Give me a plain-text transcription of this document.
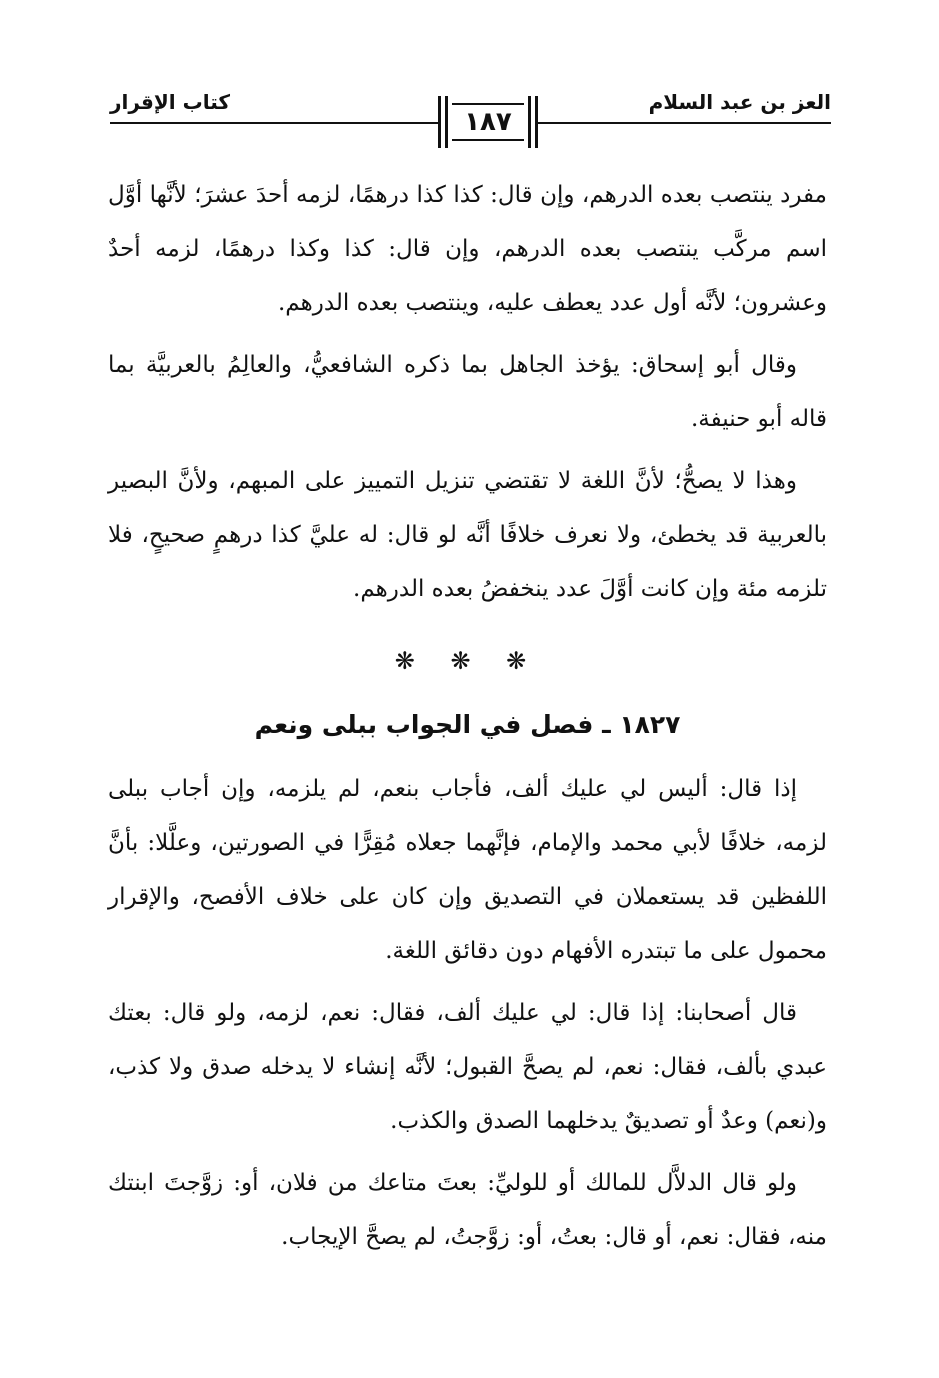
العز بن عبد السلام
كتاب الإقرار
١٨٧

مفرد ينتصب بعده الدرهم، وإن قال: كذا كذا درهمًا، لزمه أحدَ عشرَ؛ لأنَّها أوَّل اسم مركَّب ينتصب بعده الدرهم، وإن قال: كذا وكذا درهمًا، لزمه أحدٌ وعشرون؛ لأنَّه أول عدد يعطف عليه، وينتصب بعده الدرهم.

وقال أبو إسحاق: يؤخذ الجاهل بما ذكره الشافعيُّ، والعالِمُ بالعربيَّة بما قاله أبو حنيفة.

وهذا لا يصحُّ؛ لأنَّ اللغة لا تقتضي تنزيل التمييز على المبهم، ولأنَّ البصير بالعربية قد يخطئ، ولا نعرف خلافًا أنَّه لو قال: له عليَّ كذا درهمٍ صحيحٍ، فلا تلزمه مئة وإن كانت أوَّلَ عدد ينخفضُ بعده الدرهم.

❋ ❋ ❋
١٨٢٧ ـ فصل في الجواب ببلى ونعم

إذا قال: أليس لي عليك ألف، فأجاب بنعم، لم يلزمه، وإن أجاب ببلى لزمه، خلافًا لأبي محمد والإمام، فإنَّهما جعلاه مُقِرًّا في الصورتين، وعلَّلا: بأنَّ اللفظين قد يستعملان في التصديق وإن كان على خلاف الأفصح، والإقرار محمول على ما تبتدره الأفهام دون دقائق اللغة.

قال أصحابنا: إذا قال: لي عليك ألف، فقال: نعم، لزمه، ولو قال: بعتك عبدي بألف، فقال: نعم، لم يصحَّ القبول؛ لأنَّه إنشاء لا يدخله صدق ولا كذب، و(نعم) وعدٌ أو تصديقٌ يدخلهما الصدق والكذب.

ولو قال الدلاَّل للمالك أو للوليِّ: بعتَ متاعك من فلان، أو: زوَّجتَ ابنتك منه، فقال: نعم، أو قال: بعتُ، أو: زوَّجتُ، لم يصحَّ الإيجاب.
